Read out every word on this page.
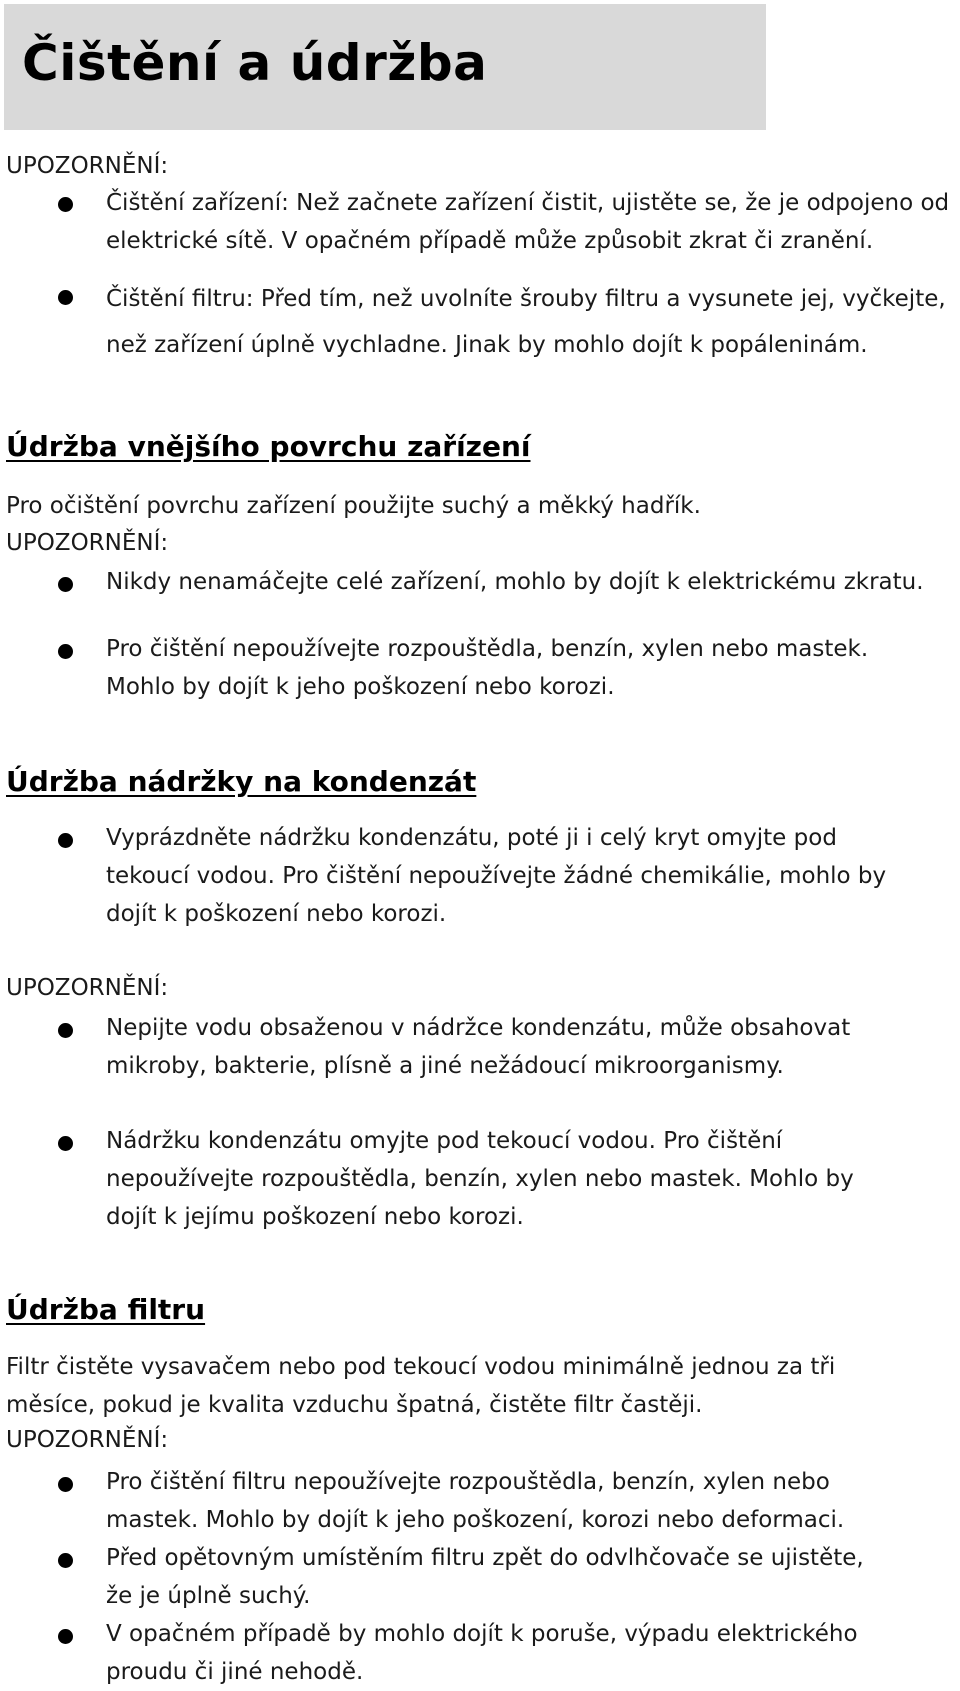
Čištění a údržba
UPOZORNĚNÍ:
Čištění zařízení: Než začnete zařízení čistit, ujistěte se, že je odpojeno od elektrické sítě. V opačném případě může způsobit zkrat či zranění.
Čištění filtru: Před tím, než uvolníte šrouby filtru a vysunete jej, vyčkejte, než zařízení úplně vychladne. Jinak by mohlo dojít k popáleninám.
Údržba vnějšího povrchu zařízení
Pro očištění povrchu zařízení použijte suchý a měkký hadřík.
UPOZORNĚNÍ:
Nikdy nenamáčejte celé zařízení, mohlo by dojít k elektrickému zkratu.
Pro čištění nepoužívejte rozpouštědla, benzín, xylen nebo mastek. Mohlo by dojít k jeho poškození nebo korozi.
Údržba nádržky na kondenzát
Vyprázdněte nádržku kondenzátu, poté ji i celý kryt omyjte pod tekoucí vodou. Pro čištění nepoužívejte žádné chemikálie, mohlo by dojít k poškození nebo korozi.
UPOZORNĚNÍ:
Nepijte vodu obsaženou v nádržce kondenzátu, může obsahovat mikroby, bakterie, plísně a jiné nežádoucí mikroorganismy.
Nádržku kondenzátu omyjte pod tekoucí vodou. Pro čištění nepoužívejte rozpouštědla, benzín, xylen nebo mastek. Mohlo by dojít k jejímu poškození nebo korozi.
Údržba filtru
Filtr čistěte vysavačem nebo pod tekoucí vodou minimálně jednou za tři měsíce, pokud je kvalita vzduchu špatná, čistěte filtr častěji.
UPOZORNĚNÍ:
Pro čištění filtru nepoužívejte rozpouštědla, benzín, xylen nebo mastek. Mohlo by dojít k jeho poškození, korozi nebo deformaci.
Před opětovným umístěním filtru zpět do odvlhčovače se ujistěte, že je úplně suchý.
V opačném případě by mohlo dojít k poruše, výpadu elektrického proudu či jiné nehodě.
